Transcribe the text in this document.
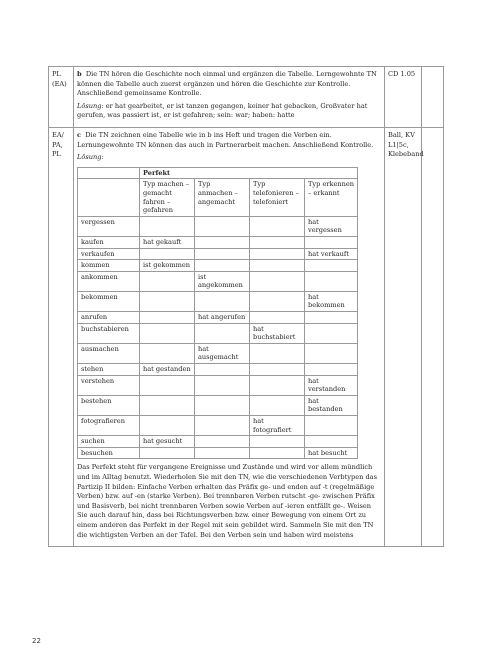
PL (EA)	

b Die TN hören die Geschichte noch einmal und ergänzen die Tabelle. Lerngewohnte TN können die Tabelle auch zuerst ergänzen und hören die Geschichte zur Kontrolle. Anschließend gemeinsame Kontrolle.

Lösung: er hat gearbeitet, er ist tanzen gegangen, keiner hat gebacken, Großvater hat gerufen, was passiert ist, er ist gefahren; sein: war; haben: hatte

	CD 1.05	
EA/ PA, PL	

c Die TN zeichnen eine Tabelle wie in b ins Heft und tragen die Verben ein. Lernungewohnte TN können das auch in Partnerarbeit machen. Anschließend Kontrolle.

Lösung:

	Perfekt
	Typ machen – gemacht fahren – gefahren	Typ anmachen – angemacht	Typ telefonieren – telefoniert	Typ erkennen – erkannt
vergessen				hat vergessen
kaufen	hat gekauft			
verkaufen				hat verkauft
kommen	ist gekommen			
ankommen		ist angekommen		
bekommen				hat bekommen
anrufen		hat angerufen		
buchstabieren			hat buchstabiert	
ausmachen		hat ausgemacht		
stehen	hat gestanden			
verstehen				hat verstanden
bestehen				hat bestanden
fotografieren			hat fotografiert	
suchen	hat gesucht			
besuchen				hat besucht

Das Perfekt steht für vergangene Ereignisse und Zustände und wird vor allem mündlich und im Alltag benutzt. Wiederholen Sie mit den TN, wie die verschiedenen Verbtypen das Partizip II bilden: Einfache Verben erhalten das Präfix ge- und enden auf -t (regelmäßige Verben) bzw. auf -en (starke Verben). Bei trennbaren Verben rutscht -ge- zwischen Präfix und Basisverb, bei nicht trennbaren Verben sowie Verben auf -ieren entfällt ge-. Weisen Sie auch darauf hin, dass bei Richtungsverben bzw. einer Bewegung von einem Ort zu einem anderen das Perfekt in der Regel mit sein gebildet wird. Sammeln Sie mit den TN die wichtigsten Verben an der Tafel. Bei den Verben sein und haben wird meistens

	Ball, KV L1|5c, Klebeband	
22
